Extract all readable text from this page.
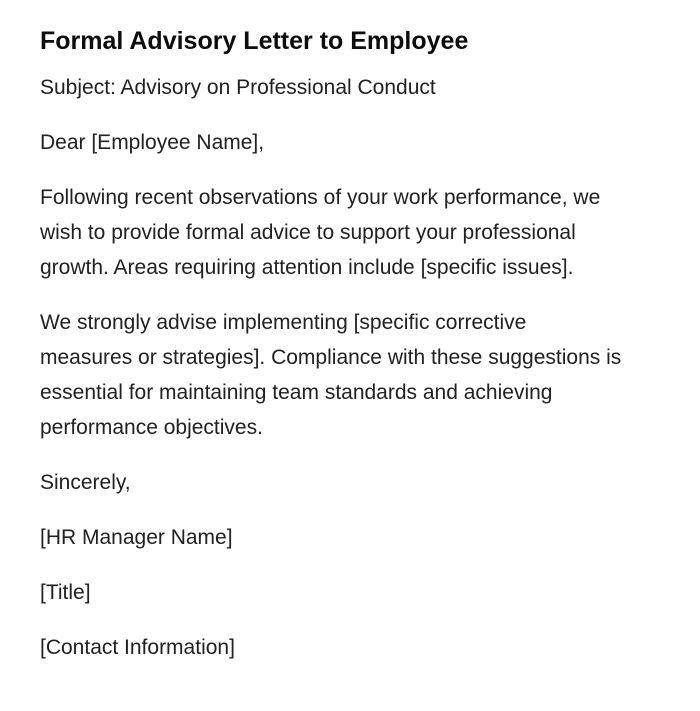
Formal Advisory Letter to Employee

Subject: Advisory on Professional Conduct

Dear [Employee Name],

Following recent observations of your work performance, we
wish to provide formal advice to support your professional
growth. Areas requiring attention include [specific issues].

We strongly advise implementing [specific corrective
measures or strategies]. Compliance with these suggestions is
essential for maintaining team standards and achieving
performance objectives.

Sincerely,

[HR Manager Name]

[Title]

[Contact Information]
